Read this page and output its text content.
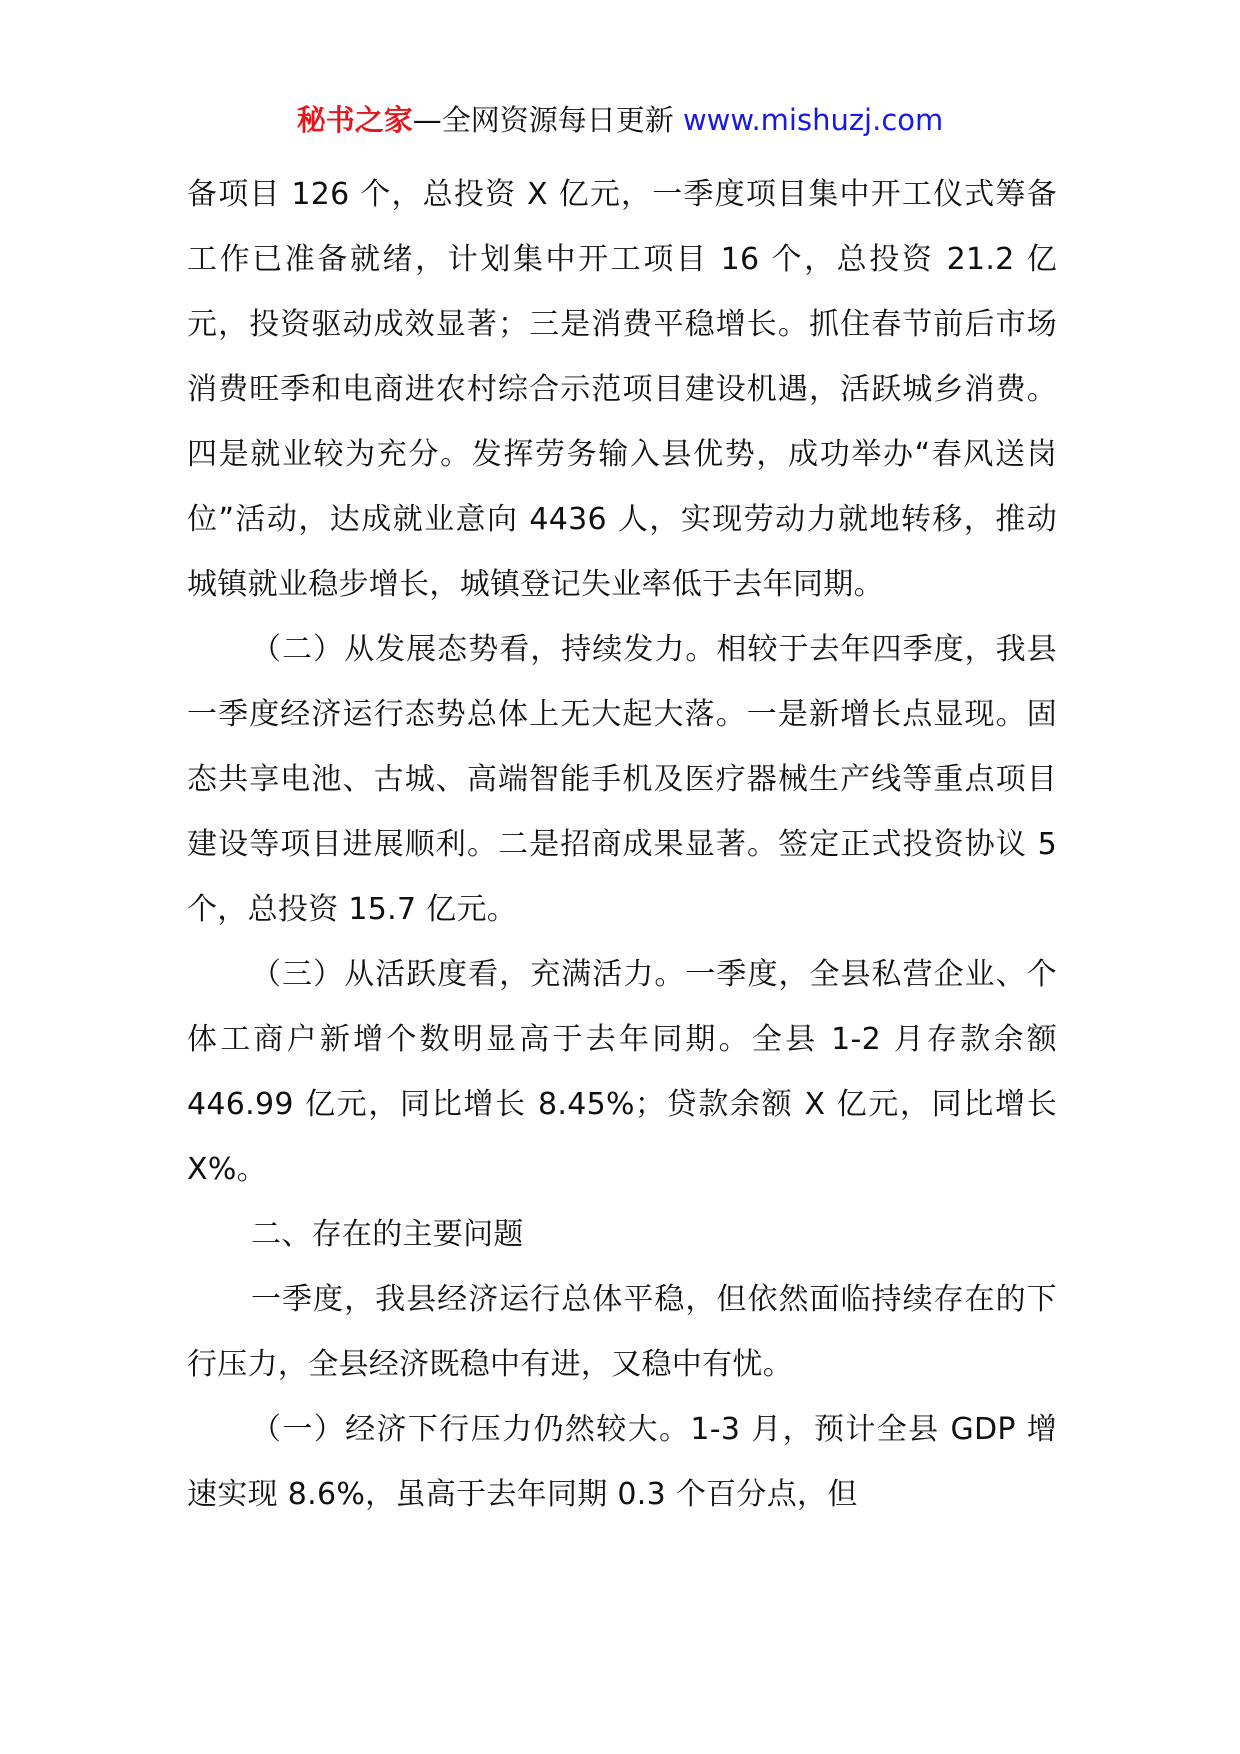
秘书之家—全网资源每日更新 www.mishuzj.com

备项目 126 个，总投资 X 亿元，一季度项目集中开工仪式筹备工作已准备就绪，计划集中开工项目 16 个，总投资 21.2 亿元，投资驱动成效显著；三是消费平稳增长。抓住春节前后市场消费旺季和电商进农村综合示范项目建设机遇，活跃城乡消费。四是就业较为充分。发挥劳务输入县优势，成功举办“春风送岗位”活动，达成就业意向 4436 人，实现劳动力就地转移，推动城镇就业稳步增长，城镇登记失业率低于去年同期。

（二）从发展态势看，持续发力。相较于去年四季度，我县一季度经济运行态势总体上无大起大落。一是新增长点显现。固态共享电池、古城、高端智能手机及医疗器械生产线等重点项目建设等项目进展顺利。二是招商成果显著。签定正式投资协议 5 个，总投资 15.7 亿元。

（三）从活跃度看，充满活力。一季度，全县私营企业、个体工商户新增个数明显高于去年同期。全县 1-2 月存款余额 446.99 亿元，同比增长 8.45%；贷款余额 X 亿元，同比增长 X%。

二、存在的主要问题

一季度，我县经济运行总体平稳，但依然面临持续存在的下行压力，全县经济既稳中有进，又稳中有忧。

（一）经济下行压力仍然较大。1-3 月，预计全县 GDP 增速实现 8.6%，虽高于去年同期 0.3 个百分点，但
